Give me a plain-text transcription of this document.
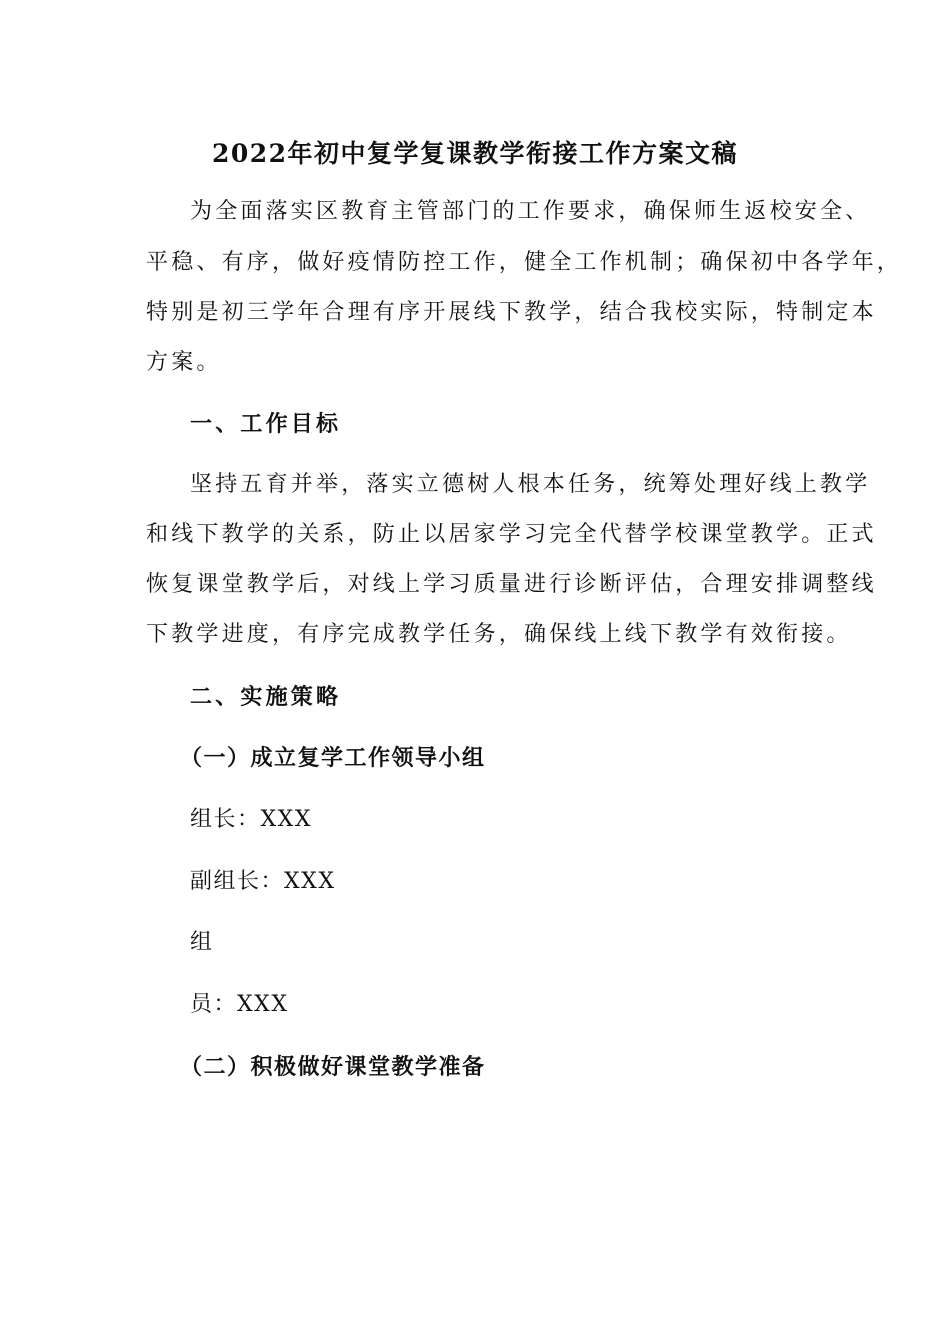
2022年初中复学复课教学衔接工作方案文稿
为全面落实区教育主管部门的工作要求，确保师生返校安全、
平稳、有序，做好疫情防控工作，健全工作机制；确保初中各学年，
特别是初三学年合理有序开展线下教学，结合我校实际，特制定本
方案。
一、工作目标
坚持五育并举，落实立德树人根本任务，统筹处理好线上教学
和线下教学的关系，防止以居家学习完全代替学校课堂教学。正式
恢复课堂教学后，对线上学习质量进行诊断评估，合理安排调整线
下教学进度，有序完成教学任务，确保线上线下教学有效衔接。
二、实施策略
（一）成立复学工作领导小组
组长：XXX
副组长：XXX
组
员：XXX
（二）积极做好课堂教学准备
